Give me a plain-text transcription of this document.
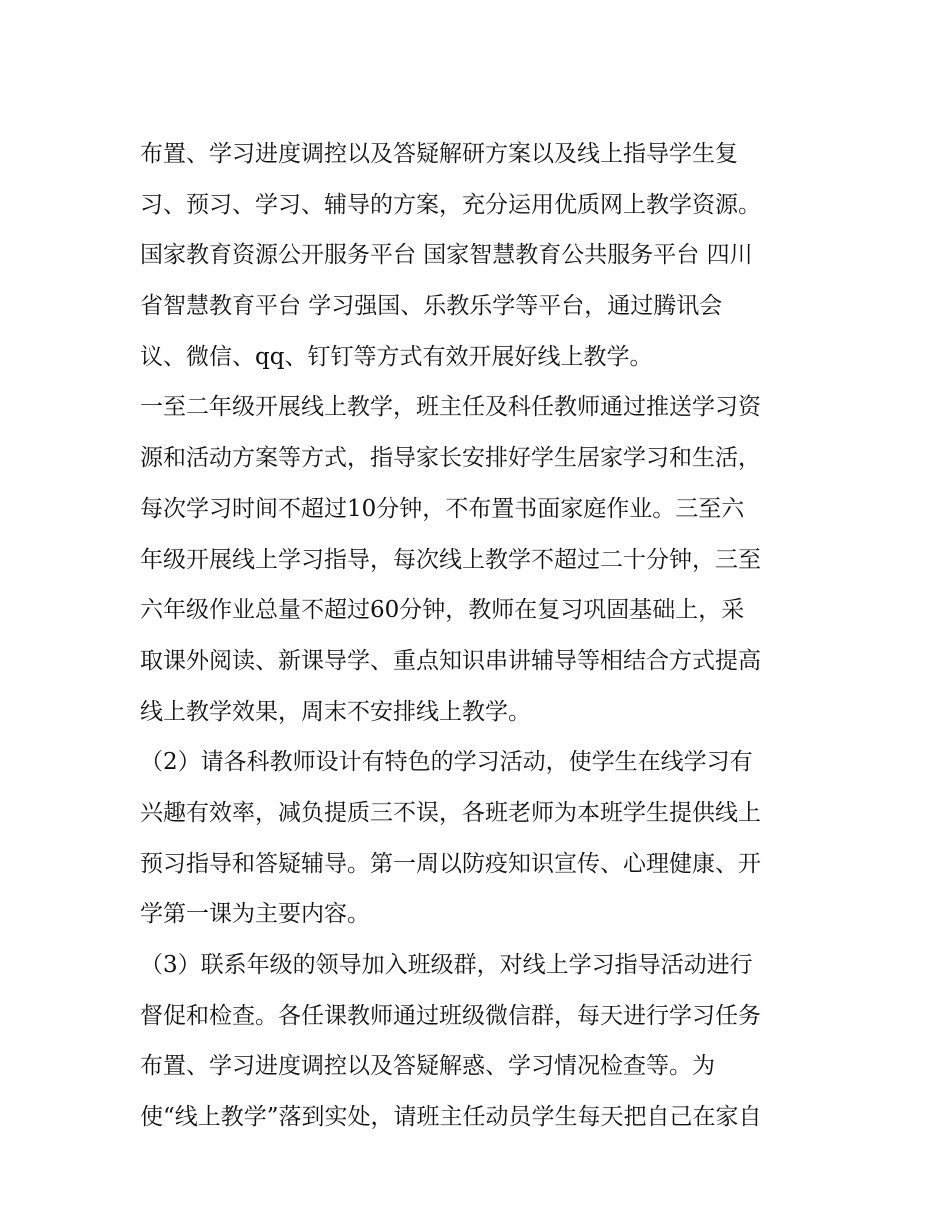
布置、学习进度调控以及答疑解研方案以及线上指导学生复
习、预习、学习、辅导的方案，充分运用优质网上教学资源。
国家教育资源公开服务平台 国家智慧教育公共服务平台 四川
省智慧教育平台 学习强国、乐教乐学等平台，通过腾讯会
议、微信、qq、钉钉等方式有效开展好线上教学。
一至二年级开展线上教学，班主任及科任教师通过推送学习资
源和活动方案等方式，指导家长安排好学生居家学习和生活，
每次学习时间不超过10分钟，不布置书面家庭作业。三至六
年级开展线上学习指导，每次线上教学不超过二十分钟，三至
六年级作业总量不超过60分钟，教师在复习巩固基础上，采
取课外阅读、新课导学、重点知识串讲辅导等相结合方式提高
线上教学效果，周末不安排线上教学。
（2）请各科教师设计有特色的学习活动，使学生在线学习有
兴趣有效率，减负提质三不误，各班老师为本班学生提供线上
预习指导和答疑辅导。第一周以防疫知识宣传、心理健康、开
学第一课为主要内容。
（3）联系年级的领导加入班级群，对线上学习指导活动进行
督促和检查。各任课教师通过班级微信群，每天进行学习任务
布置、学习进度调控以及答疑解惑、学习情况检查等。为
使“线上教学”落到实处，请班主任动员学生每天把自己在家自
